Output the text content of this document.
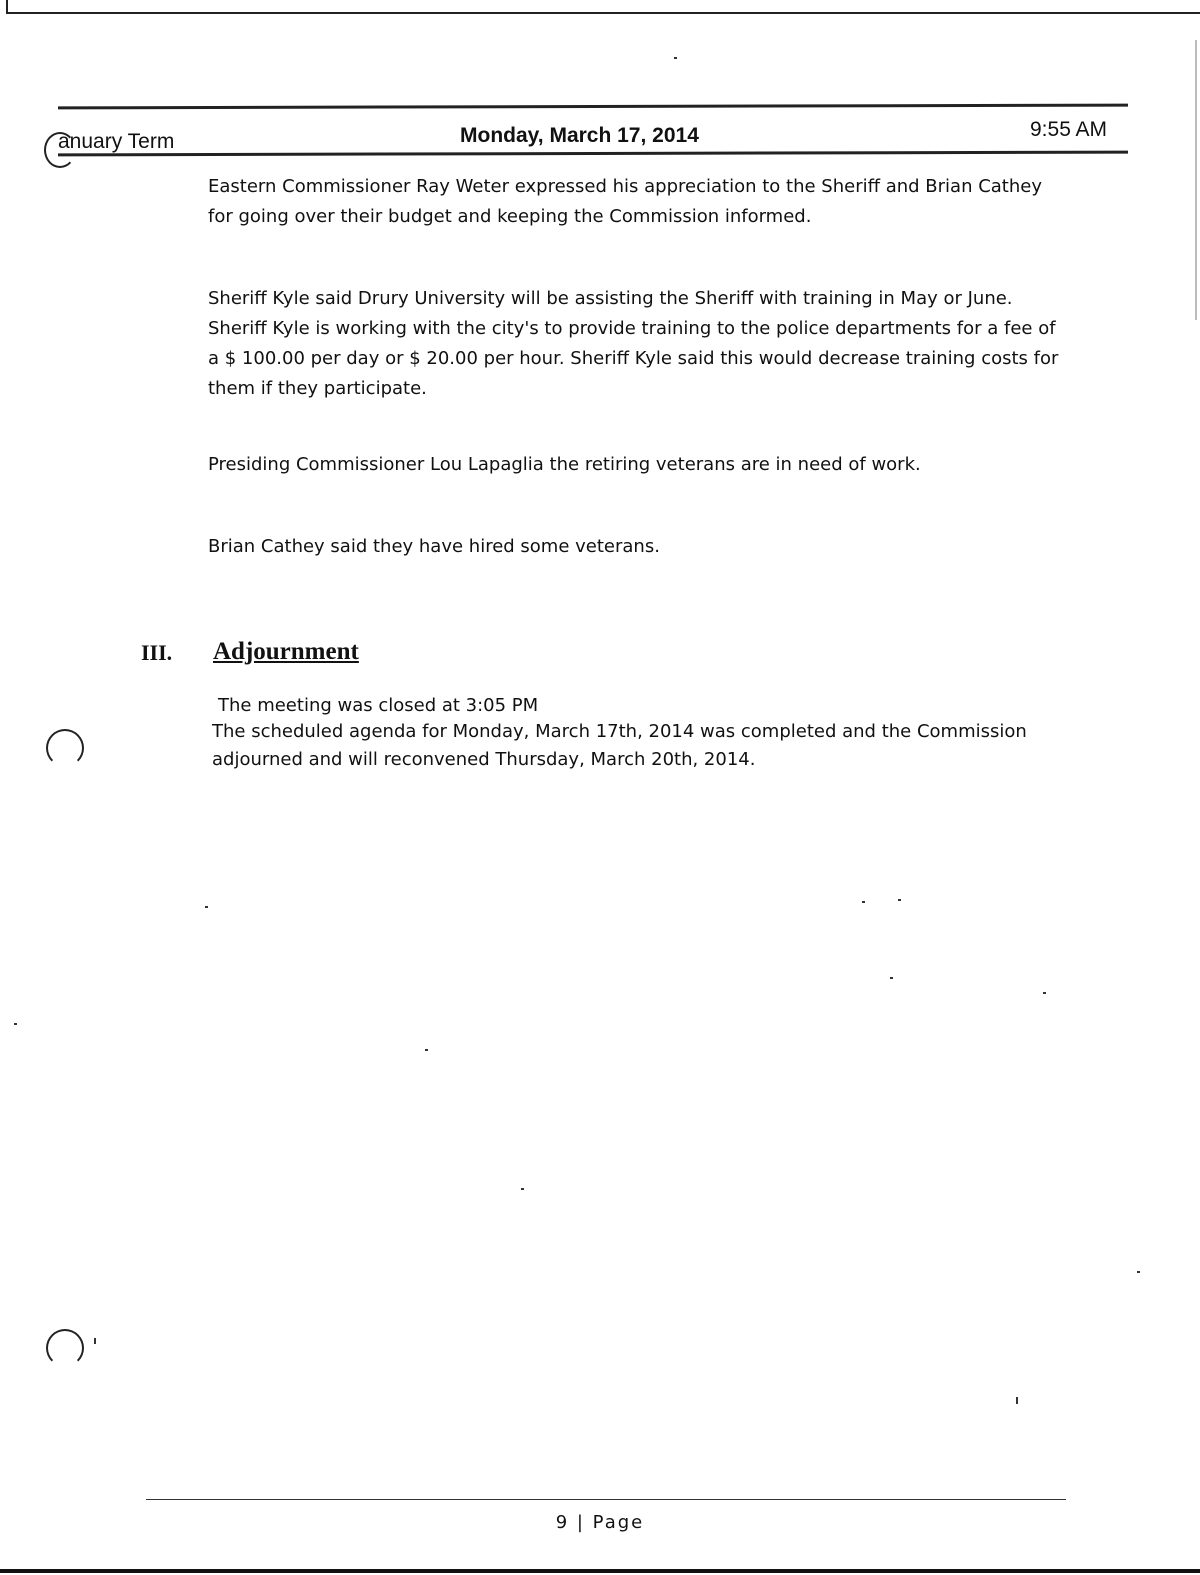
anuary Term	Monday, March 17, 2014	9:55 AM
Eastern Commissioner Ray Weter expressed his appreciation to the Sheriff and Brian Cathey for going over their budget and keeping the Commission informed.
Sheriff Kyle said Drury University will be assisting the Sheriff with training in May or June. Sheriff Kyle is working with the city's to provide training to the police departments for a fee of a $ 100.00 per day or $ 20.00 per hour. Sheriff Kyle said this would decrease training costs for them if they participate.
Presiding Commissioner Lou Lapaglia the retiring veterans are in need of work.
Brian Cathey said they have hired some veterans.
III. Adjournment
The meeting was closed at 3:05 PM
The scheduled agenda for Monday, March 17th, 2014 was completed and the Commission adjourned and will reconvened Thursday, March 20th, 2014.
9 | Page
